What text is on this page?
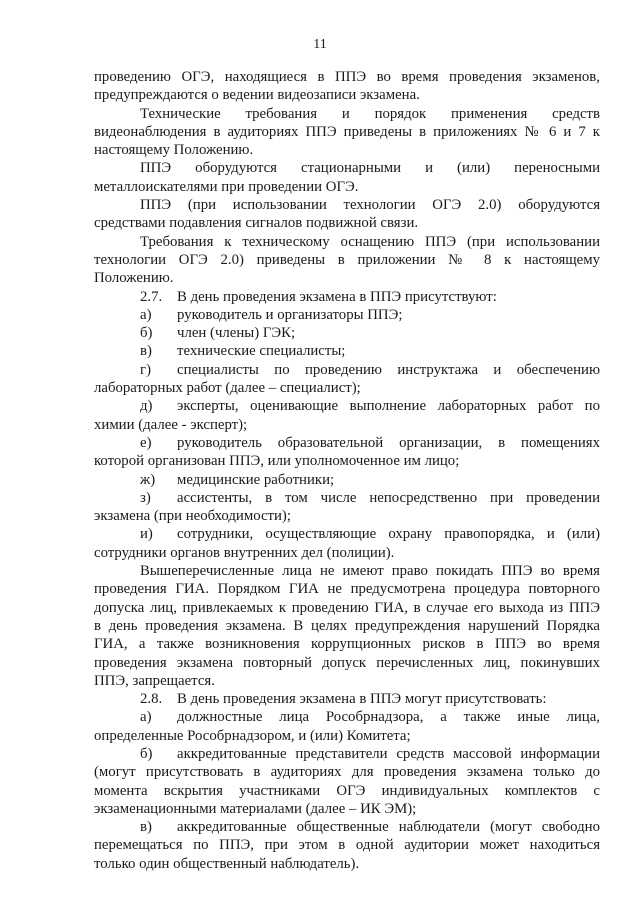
11
проведению ОГЭ, находящиеся в ППЭ во время проведения экзаменов,
предупреждаются о ведении видеозаписи экзамена.
Технические требования и порядок применения средств
видеонаблюдения в аудиториях ППЭ приведены в приложениях № 6 и 7 к
настоящему Положению.
ППЭ оборудуются стационарными и (или) переносными
металлоискателями при проведении ОГЭ.
ППЭ (при использовании технологии ОГЭ 2.0) оборудуются
средствами подавления сигналов подвижной связи.
Требования к техническому оснащению ППЭ (при использовании
технологии ОГЭ 2.0) приведены в приложении № 8 к настоящему
Положению.
2.7. В день проведения экзамена в ППЭ присутствуют:
а) руководитель и организаторы ППЭ;
б) член (члены) ГЭК;
в) технические специалисты;
г) специалисты по проведению инструктажа и обеспечению
лабораторных работ (далее – специалист);
д) эксперты, оценивающие выполнение лабораторных работ по
химии (далее - эксперт);
е) руководитель образовательной организации, в помещениях
которой организован ППЭ, или уполномоченное им лицо;
ж) медицинские работники;
з) ассистенты, в том числе непосредственно при проведении
экзамена (при необходимости);
и) сотрудники, осуществляющие охрану правопорядка, и (или)
сотрудники органов внутренних дел (полиции).
Вышеперечисленные лица не имеют право покидать ППЭ во время
проведения ГИА. Порядком ГИА не предусмотрена процедура повторного
допуска лиц, привлекаемых к проведению ГИА, в случае его выхода из ППЭ
в день проведения экзамена. В целях предупреждения нарушений Порядка
ГИА, а также возникновения коррупционных рисков в ППЭ во время
проведения экзамена повторный допуск перечисленных лиц, покинувших
ППЭ, запрещается.
2.8. В день проведения экзамена в ППЭ могут присутствовать:
а) должностные лица Рособрнадзора, а также иные лица,
определенные Рособрнадзором, и (или) Комитета;
б) аккредитованные представители средств массовой информации
(могут присутствовать в аудиториях для проведения экзамена только до
момента вскрытия участниками ОГЭ индивидуальных комплектов с
экзаменационными материалами (далее – ИК ЭМ);
в) аккредитованные общественные наблюдатели (могут свободно
перемещаться по ППЭ, при этом в одной аудитории может находиться
только один общественный наблюдатель).
